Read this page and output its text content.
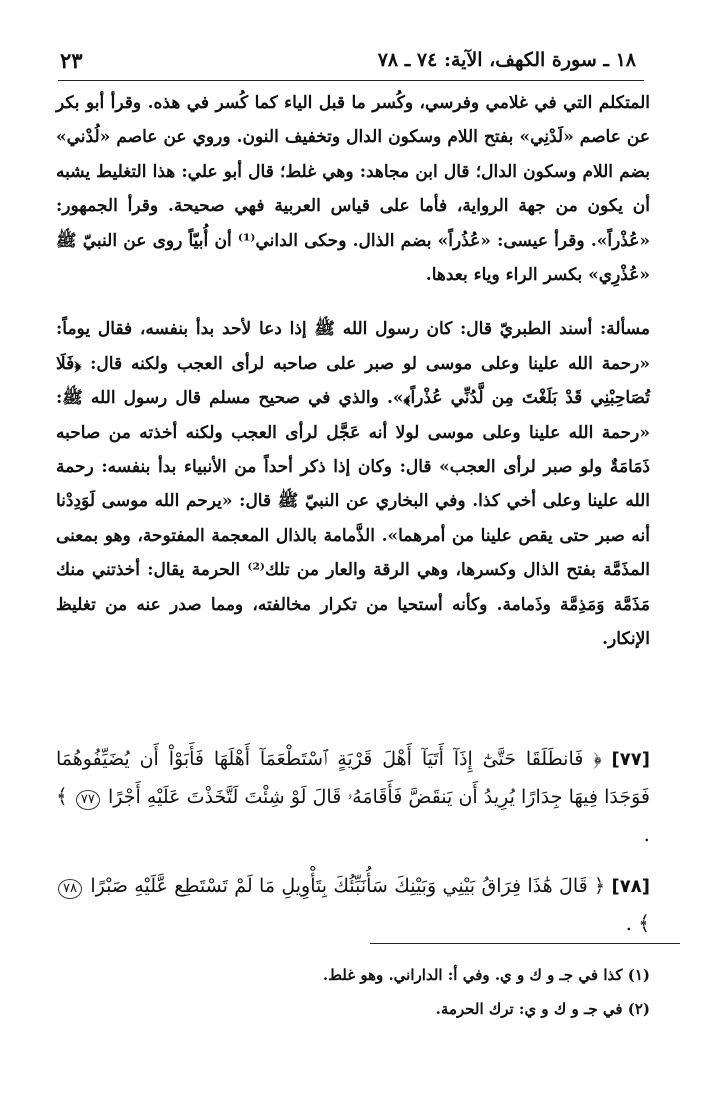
١٨ ـ سورة الكهف، الآية: ٧٤ ـ ٧٨
٢٣

المتكلم التي في غلامي وفرسي، وكُسر ما قبل الياء كما كُسر في هذه. وقرأ أبو بكر عن عاصم «لَدْنِي» بفتح اللام وسكون الدال وتخفيف النون. وروي عن عاصم «لُدْني» بضم اللام وسكون الدال؛ قال ابن مجاهد: وهي غلط؛ قال أبو علي: هذا التغليط يشبه أن يكون من جهة الرواية، فأما على قياس العربية فهي صحيحة. وقرأ الجمهور: «عُذْراً». وقرأ عيسى: «عُذُراً» بضم الذال. وحكى الداني⁽¹⁾ أن أُبيّاً روى عن النبيّ ﷺ «عُذْرِي» بكسر الراء وياء بعدها.

مسألة: أسند الطبريّ قال: كان رسول الله ﷺ إذا دعا لأحد بدأ بنفسه، فقال يوماً: «رحمة الله علينا وعلى موسى لو صبر على صاحبه لرأى العجب ولكنه قال: ﴿فَلَا تُصَاحِبْنِي قَدْ بَلَغْتَ مِن لَّدُنِّي عُذْراً﴾». والذي في صحيح مسلم قال رسول الله ﷺ: «رحمة الله علينا وعلى موسى لولا أنه عَجَّل لرأى العجب ولكنه أخذته من صاحبه ذَمَامَةٌ ولو صبر لرأى العجب» قال: وكان إذا ذكر أحداً من الأنبياء بدأ بنفسه: رحمة الله علينا وعلى أخي كذا. وفي البخاري عن النبيّ ﷺ قال: «يرحم الله موسى لَوَدِدْنا أنه صبر حتى يقص علينا من أمرهما». الذَّمامة بالذال المعجمة المفتوحة، وهو بمعنى المذَمَّة بفتح الذال وكسرها، وهي الرقة والعار من تلك⁽²⁾ الحرمة يقال: أخذتني منك مَذَمَّة وَمَذِمَّة وذَمامة. وكأنه أستحيا من تكرار مخالفته، ومما صدر عنه من تغليظ الإنكار.

[٧٧] ﴿ فَانطَلَقَا حَتَّىٰٓ إِذَآ أَتَيَآ أَهْلَ قَرْيَةٍ ٱسْتَطْعَمَآ أَهْلَهَا فَأَبَوْاْ أَن يُضَيِّفُوهُمَا فَوَجَدَا فِيهَا جِدَارًا يُرِيدُ أَن يَنقَضَّ فَأَقَامَهُۥ قَالَ لَوْ شِئْتَ لَتَّخَذْتَ عَلَيْهِ أَجْرًا ٧٧ ﴾ .

[٧٨] ﴿ قَالَ هَٰذَا فِرَاقُ بَيْنِي وَبَيْنِكَ سَأُنَبِّئُكَ بِتَأْوِيلِ مَا لَمْ تَسْتَطِع عَّلَيْهِ صَبْرًا ٧٨ ﴾ .

(١) كذا في جـ و ك و ي. وفي أ: الداراني. وهو غلط.

(٢) في جـ و ك و ي: ترك الحرمة.
